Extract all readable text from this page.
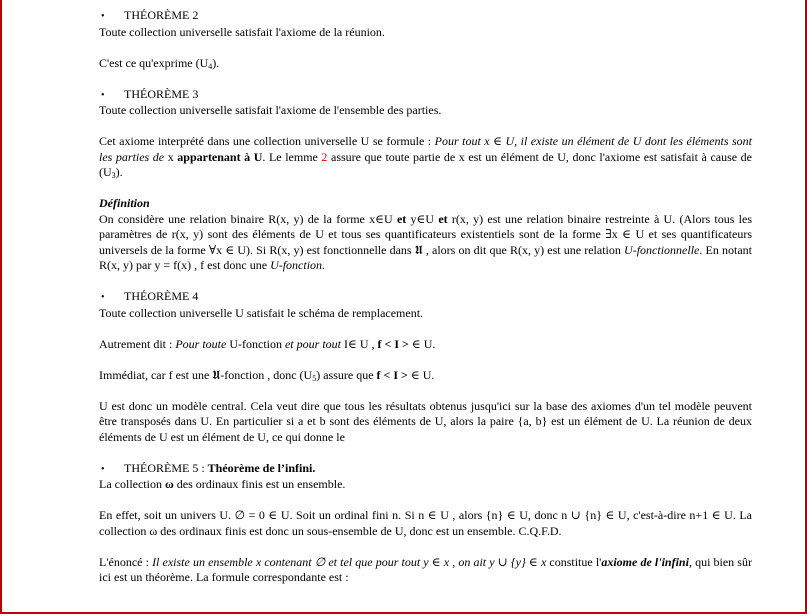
•	THÉORÈME 2

Toute collection universelle satisfait l'axiome de la réunion.

C'est ce qu'exprime $(U_4)$.

•	THÉORÈME 3

Toute collection universelle satisfait l'axiome de l'ensemble des parties.

Cet axiome interprété dans une collection universelle U se formule : Pour tout x ∈ U, il existe un élément de U dont les éléments sont les parties de x appartenant à U. Le lemme 2 assure que toute partie de x est un élément de U, donc l'axiome est satisfait à cause de $(U_3)$.

Définition

On considère une relation binaire R(x, y) de la forme x∈U et y∈U et r(x, y) est une relation binaire restreinte à U. (Alors tous les paramètres de r(x, y) sont des éléments de U et tous ses quantificateurs existentiels sont de la forme ∃x ∈ U et ses quantificateurs universels de la forme ∀x ∈ U). Si R(x, y) est fonctionnelle dans 𝖀 , alors on dit que R(x, y) est une relation U-fonctionnelle. En notant R(x, y) par y = f(x) , f est donc une U-fonction.

•	THÉORÈME 4

Toute collection universelle U satisfait le schéma de remplacement.

Autrement dit : Pour toute U-fonction et pour tout I∈ U , f < I > ∈ U.

Immédiat, car f est une 𝖀-fonction , donc $(U_5)$ assure que f < I > ∈ U.

U est donc un modèle central. Cela veut dire que tous les résultats obtenus jusqu'ici sur la base des axiomes d'un tel modèle peuvent être transposés dans U. En particulier si a et b sont des éléments de U, alors la paire {a, b} est un élément de U. La réunion de deux éléments de U est un élément de U, ce qui donne le

•	THÉORÈME 5 : Théorème de l’infini.

La collection ω des ordinaux finis est un ensemble.

En effet, soit un univers U. ∅ = 0 ∈ U. Soit un ordinal fini n. Si n ∈ U , alors {n} ∈ U, donc n ∪ {n} ∈ U, c'est-à-dire n+1 ∈ U. La collection ω des ordinaux finis est donc un sous-ensemble de U, donc est un ensemble. C.Q.F.D.

L'énoncé : Il existe un ensemble x contenant ∅ et tel que pour tout y ∈ x , on ait y ∪ {y} ∈ x constitue l'axiome de l'infini, qui bien sûr ici est un théorème. La formule correspondante est :
